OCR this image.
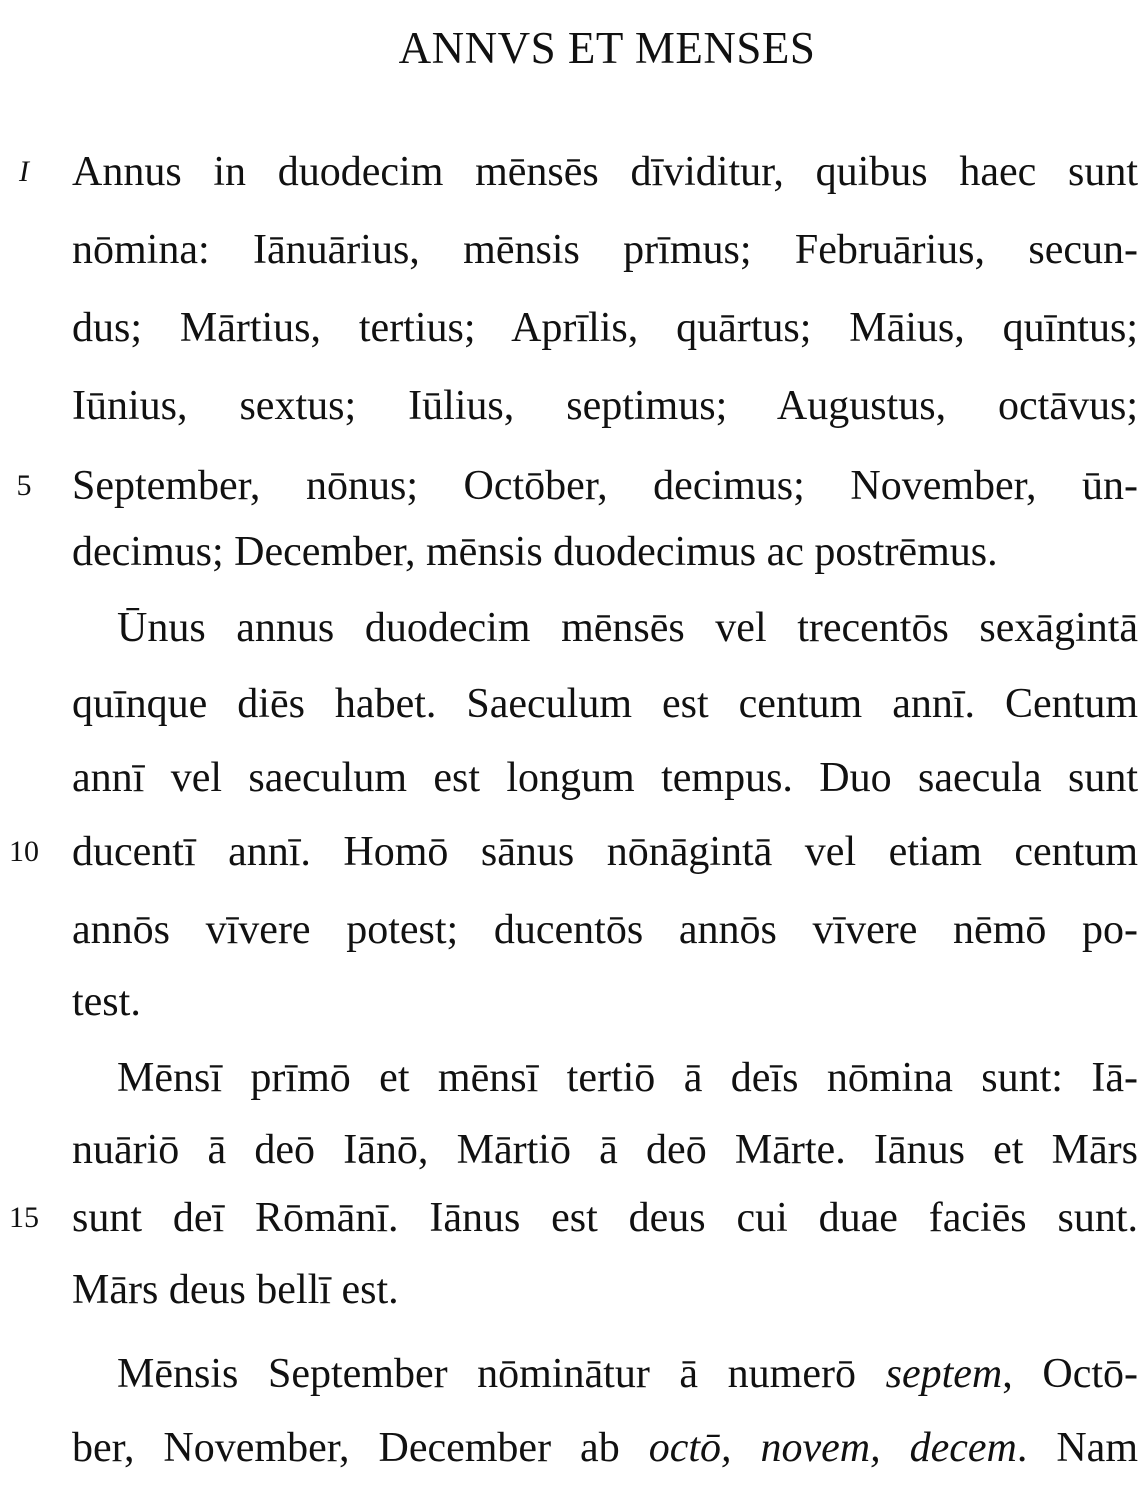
ANNVS ET MENSES
I
5
10
15
Annus in duodecim mēnsēs dīviditur, quibus haec sunt
nōmina: Iānuārius, mēnsis prīmus; Februārius, secun-
dus; Mārtius, tertius; Aprīlis, quārtus; Māius, quīntus;
Iūnius, sextus; Iūlius, septimus; Augustus, octāvus;
September, nōnus; Octōber, decimus; November, ūn-
decimus; December, mēnsis duodecimus ac postrēmus.
Ūnus annus duodecim mēnsēs vel trecentōs sexāgintā
quīnque diēs habet. Saeculum est centum annī. Centum
annī vel saeculum est longum tempus. Duo saecula sunt
ducentī annī. Homō sānus nōnāgintā vel etiam centum
annōs vīvere potest; ducentōs annōs vīvere nēmō po-
test.
Mēnsī prīmō et mēnsī tertiō ā deīs nōmina sunt: Iā-
nuāriō ā deō Iānō, Mārtiō ā deō Mārte. Iānus et Mārs
sunt deī Rōmānī. Iānus est deus cui duae faciēs sunt.
Mārs deus bellī est.
Mēnsis September nōminātur ā numerō septem, Octō-
ber, November, December ab octō, novem, decem. Nam
